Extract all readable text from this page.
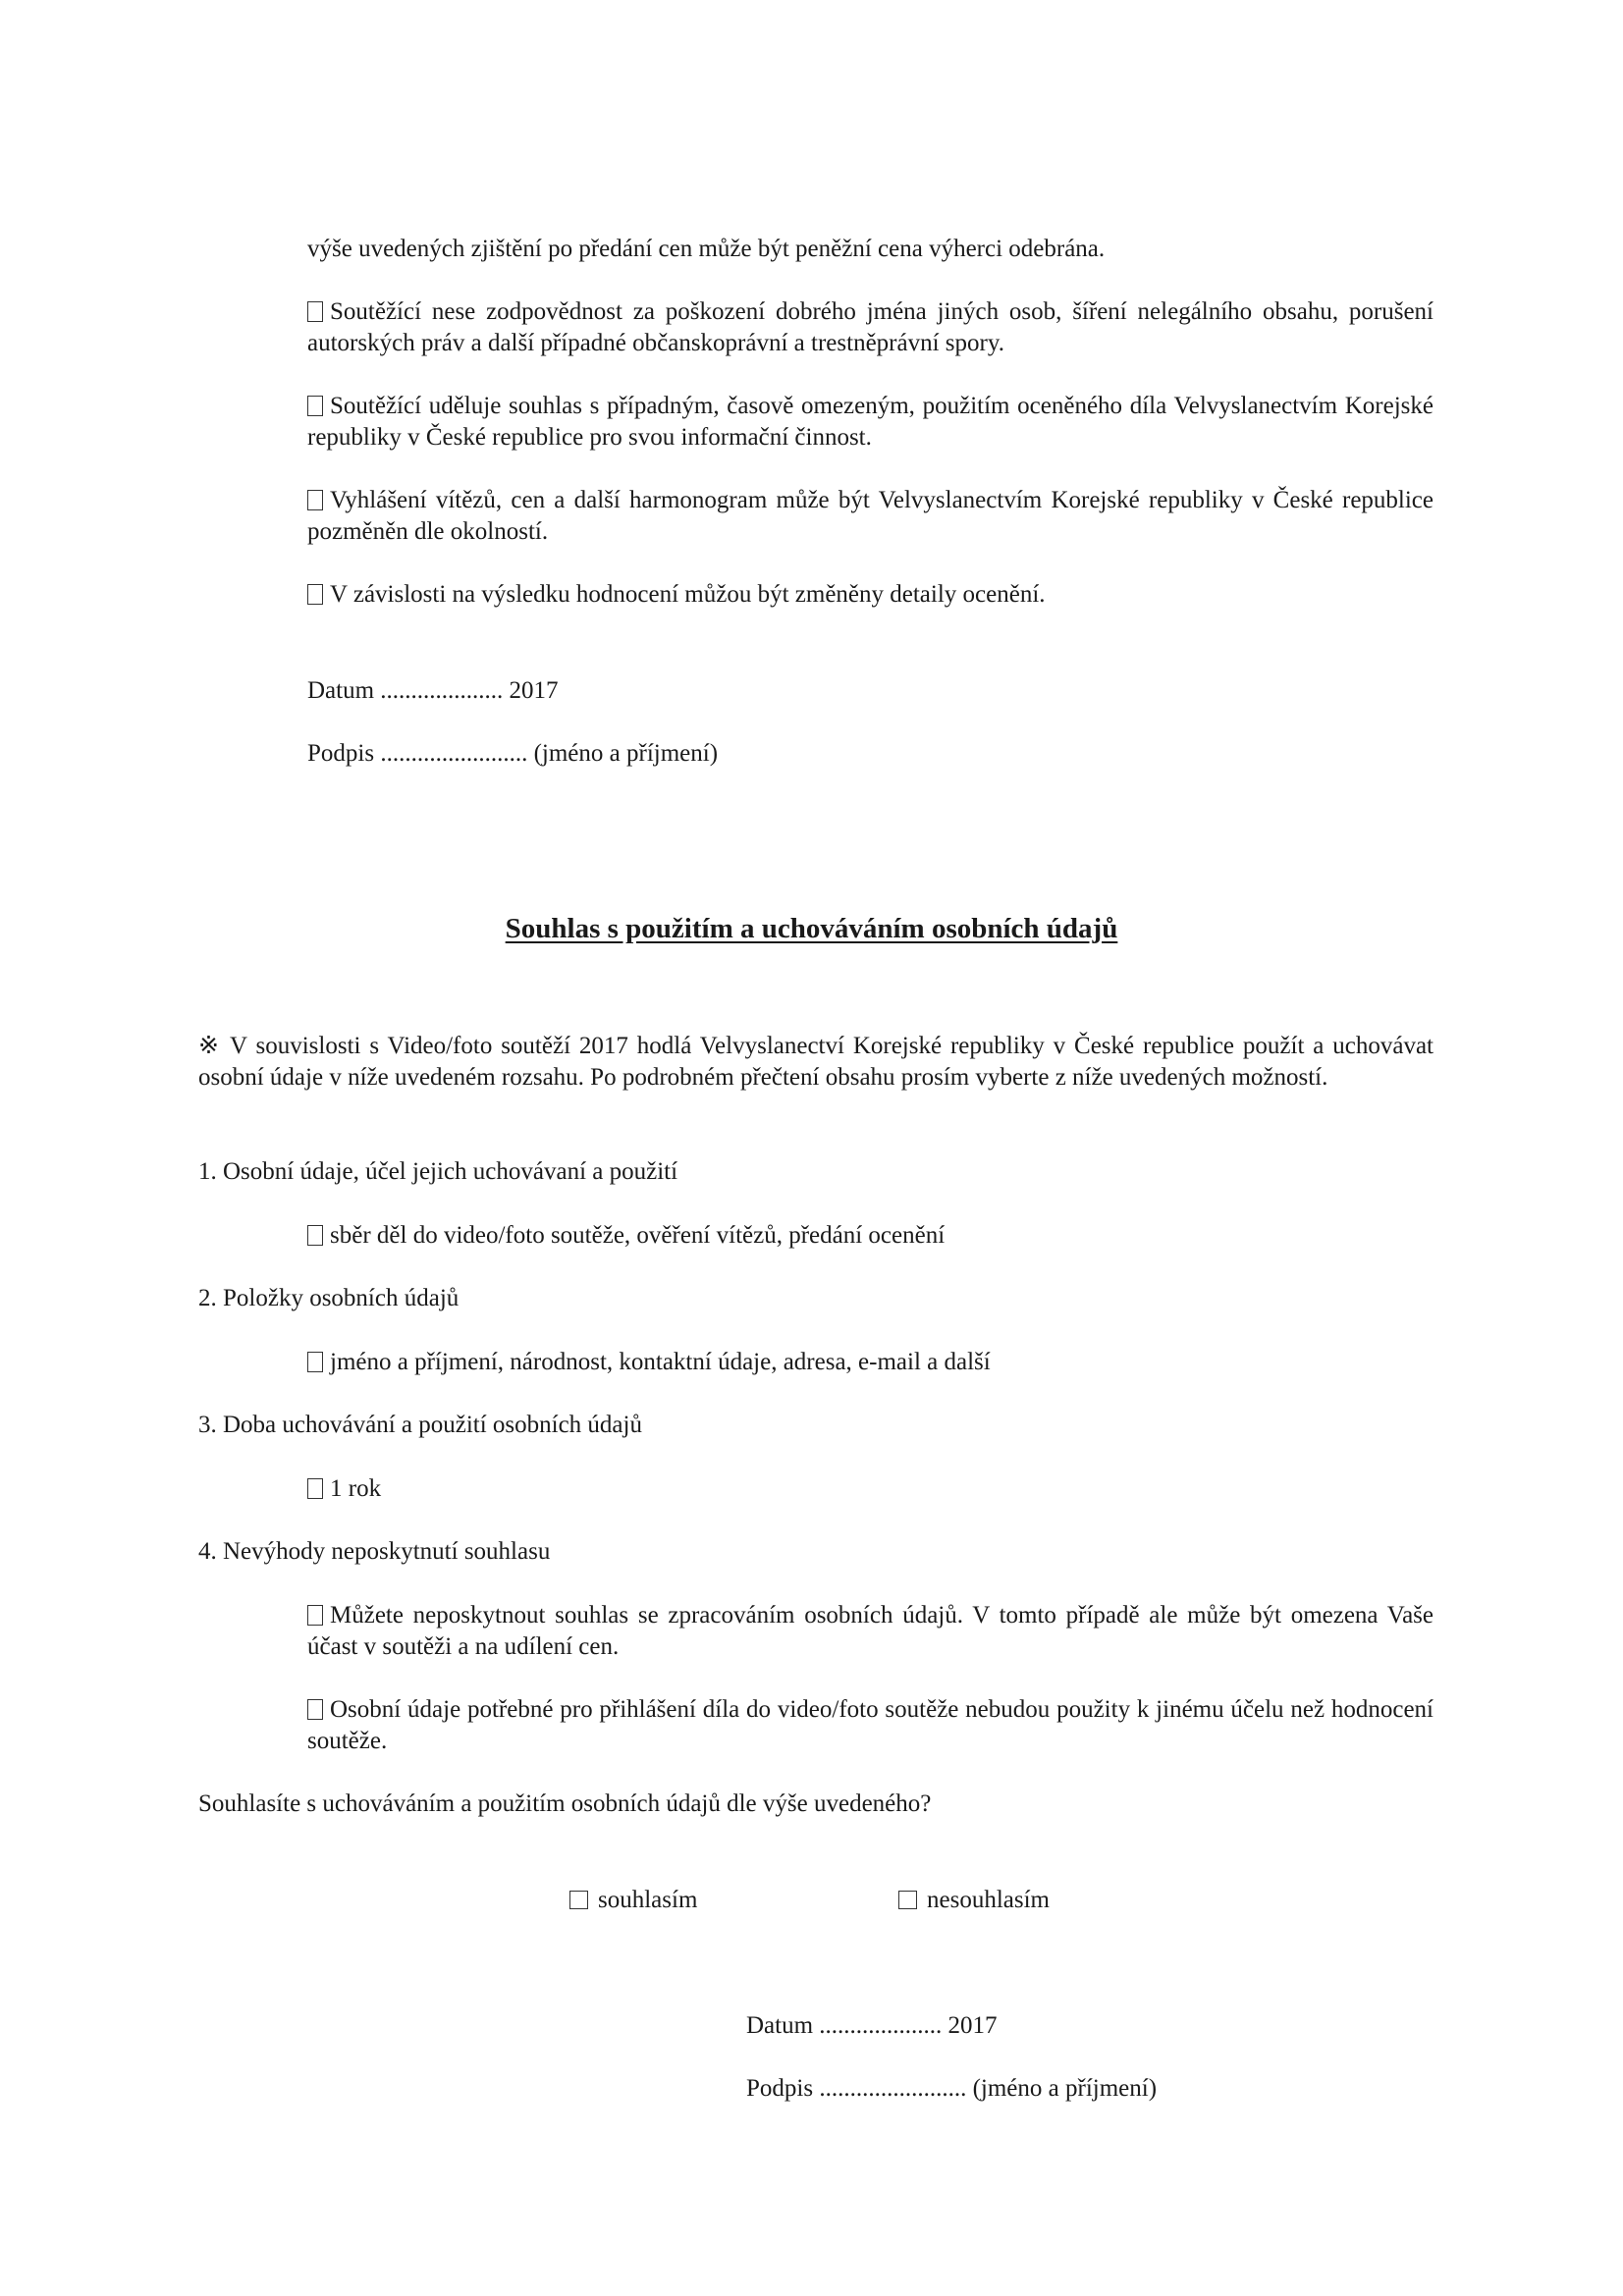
výše uvedených zjištění po předání cen může být peněžní cena výherci odebrána.

Soutěžící nese zodpovědnost za poškození dobrého jména jiných osob, šíření nelegálního obsahu, porušení autorských práv a další případné občanskoprávní a trestněprávní spory.

Soutěžící uděluje souhlas s případným, časově omezeným, použitím oceněného díla Velvyslanectvím Korejské republiky v České republice pro svou informační činnost.

Vyhlášení vítězů, cen a další harmonogram může být Velvyslanectvím Korejské republiky v České republice pozměněn dle okolností.

V závislosti na výsledku hodnocení můžou být změněny detaily ocenění.

Datum .................... 2017

Podpis ........................ (jméno a příjmení)

Souhlas s použitím a uchováváním osobních údajů

※ V souvislosti s Video/foto soutěží 2017 hodlá Velvyslanectví Korejské republiky v České republice použít a uchovávat osobní údaje v níže uvedeném rozsahu. Po podrobném přečtení obsahu prosím vyberte z níže uvedených možností.

1. Osobní údaje, účel jejich uchovávaní a použití

sběr děl do video/foto soutěže, ověření vítězů, předání ocenění

2. Položky osobních údajů

jméno a příjmení, národnost, kontaktní údaje, adresa, e-mail a další

3. Doba uchovávání a použití osobních údajů

1 rok

4. Nevýhody neposkytnutí souhlasu

Můžete neposkytnout souhlas se zpracováním osobních údajů. V tomto případě ale může být omezena Vaše účast v soutěži a na udílení cen.

Osobní údaje potřebné pro přihlášení díla do video/foto soutěže nebudou použity k jinému účelu než hodnocení soutěže.

Souhlasíte s uchováváním a použitím osobních údajů dle výše uvedeného?

souhlasím	nesouhlasím

Datum .................... 2017

Podpis ........................ (jméno a příjmení)
